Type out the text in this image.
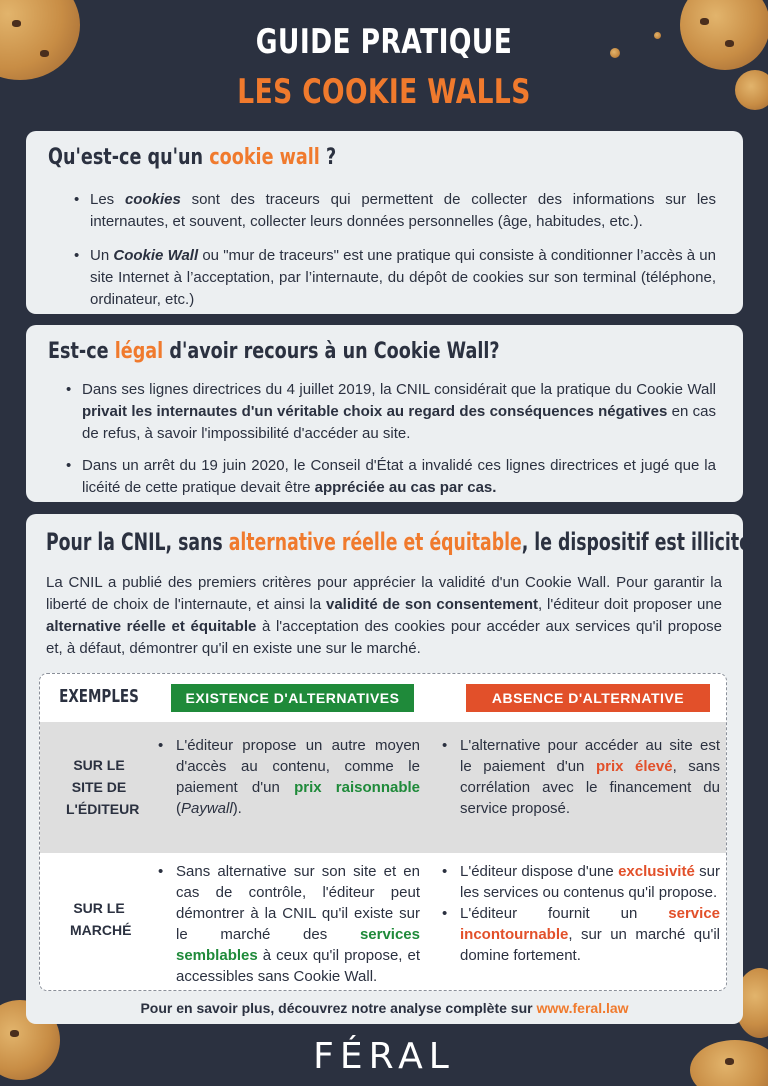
GUIDE PRATIQUE
LES COOKIE WALLS
Qu'est-ce qu'un cookie wall ?
• Les cookies sont des traceurs qui permettent de collecter des informations sur les internautes, et souvent, collecter leurs données personnelles (âge, habitudes, etc.).
• Un Cookie Wall ou "mur de traceurs" est une pratique qui consiste à conditionner l’accès à un site Internet à l’acceptation, par l’internaute, du dépôt de cookies sur son terminal (téléphone, ordinateur, etc.)
Est-ce légal d'avoir recours à un Cookie Wall?
• Dans ses lignes directrices du 4 juillet 2019, la CNIL considérait que la pratique du Cookie Wall privait les internautes d'un véritable choix au regard des conséquences négatives en cas de refus, à savoir l'impossibilité d'accéder au site.
• Dans un arrêt du 19 juin 2020, le Conseil d'État a invalidé ces lignes directrices et jugé que la licéité de cette pratique devait être appréciée au cas par cas.
Pour la CNIL, sans alternative réelle et équitable, le dispositif est illicite

La CNIL a publié des premiers critères pour apprécier la validité d'un Cookie Wall. Pour garantir la liberté de choix de l'internaute, et ainsi la validité de son consentement, l'éditeur doit proposer une alternative réelle et équitable à l'acceptation des cookies pour accéder aux services qu'il propose et, à défaut, démontrer qu'il en existe une sur le marché.

EXEMPLES	EXISTENCE D'ALTERNATIVES	ABSENCE D'ALTERNATIVE
SUR LE SITE DE L'ÉDITEUR
• L'éditeur propose un autre moyen d'accès au contenu, comme le paiement d'un prix raisonnable (Paywall).
• L'alternative pour accéder au site est le paiement d'un prix élevé, sans corrélation avec le financement du service proposé.
SUR LE MARCHÉ
• Sans alternative sur son site et en cas de contrôle, l'éditeur peut démontrer à la CNIL qu'il existe sur le marché des services semblables à ceux qu'il propose, et accessibles sans Cookie Wall.
• L'éditeur dispose d'une exclusivité sur les services ou contenus qu'il propose.
• L'éditeur fournit un service incontournable, sur un marché qu'il domine fortement.
Pour en savoir plus, découvrez notre analyse complète sur www.feral.law
FÉRAL
